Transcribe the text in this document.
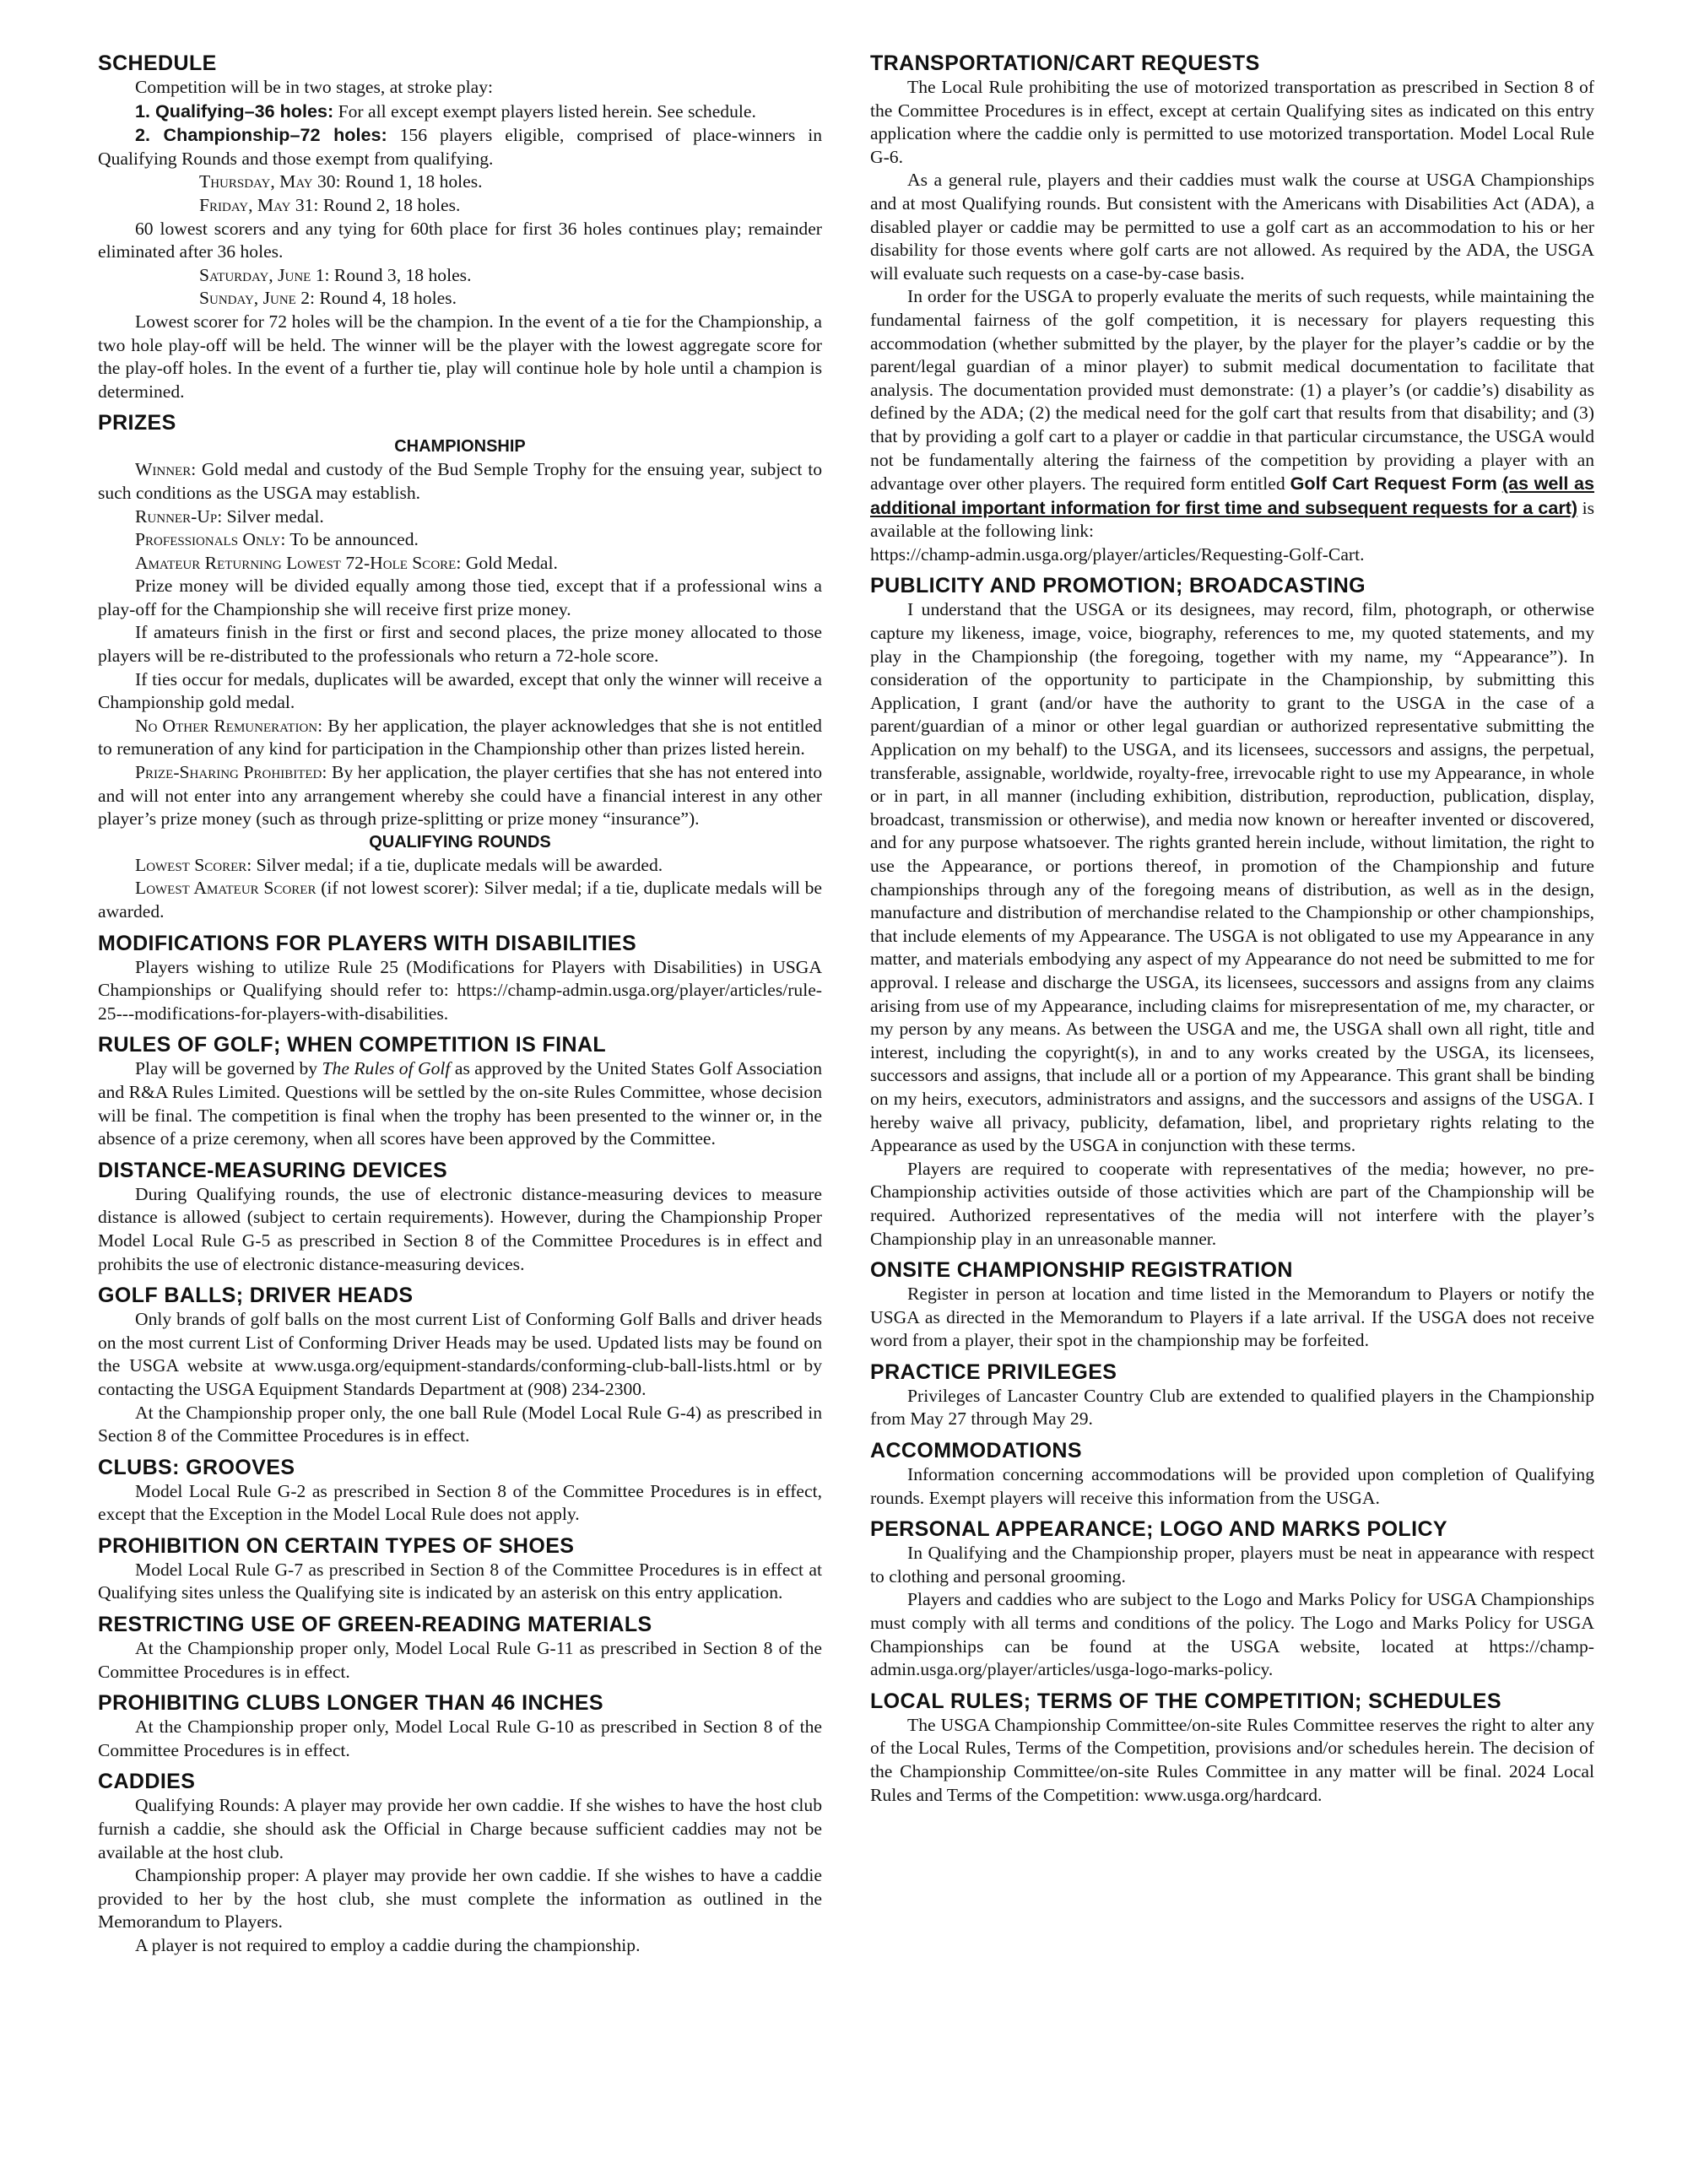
SCHEDULE

Competition will be in two stages, at stroke play:

1. Qualifying–36 holes: For all except exempt players listed herein. See schedule.

2. Championship–72 holes: 156 players eligible, comprised of place-winners in Qualifying Rounds and those exempt from qualifying.

Thursday, May 30: Round 1, 18 holes.

Friday, May 31: Round 2, 18 holes.

60 lowest scorers and any tying for 60th place for first 36 holes continues play; remainder eliminated after 36 holes.

Saturday, June 1: Round 3, 18 holes.

Sunday, June 2: Round 4, 18 holes.

Lowest scorer for 72 holes will be the champion. In the event of a tie for the Championship, a two hole play-off will be held. The winner will be the player with the lowest aggregate score for the play-off holes. In the event of a further tie, play will continue hole by hole until a champion is determined.

PRIZES
CHAMPIONSHIP

Winner: Gold medal and custody of the Bud Semple Trophy for the ensuing year, subject to such conditions as the USGA may establish.

Runner-Up: Silver medal.

Professionals Only: To be announced.

Amateur Returning Lowest 72-Hole Score: Gold Medal.

Prize money will be divided equally among those tied, except that if a professional wins a play-off for the Championship she will receive first prize money.

If amateurs finish in the first or first and second places, the prize money allocated to those players will be re-distributed to the professionals who return a 72-hole score.

If ties occur for medals, duplicates will be awarded, except that only the winner will receive a Championship gold medal.

No Other Remuneration: By her application, the player acknowledges that she is not entitled to remuneration of any kind for participation in the Championship other than prizes listed herein.

Prize-Sharing Prohibited: By her application, the player certifies that she has not entered into and will not enter into any arrangement whereby she could have a financial interest in any other player’s prize money (such as through prize-splitting or prize money “insurance”).

QUALIFYING ROUNDS

Lowest Scorer: Silver medal; if a tie, duplicate medals will be awarded.

Lowest Amateur Scorer (if not lowest scorer): Silver medal; if a tie, duplicate medals will be awarded.

MODIFICATIONS FOR PLAYERS WITH DISABILITIES

Players wishing to utilize Rule 25 (Modifications for Players with Disabilities) in USGA Championships or Qualifying should refer to: https://champ-admin.usga.org/player/articles/rule-25---modifications-for-players-with-disabilities.

RULES OF GOLF; WHEN COMPETITION IS FINAL

Play will be governed by The Rules of Golf as approved by the United States Golf Association and R&A Rules Limited. Questions will be settled by the on-site Rules Committee, whose decision will be final. The competition is final when the trophy has been presented to the winner or, in the absence of a prize ceremony, when all scores have been approved by the Committee.

DISTANCE-MEASURING DEVICES

During Qualifying rounds, the use of electronic distance-measuring devices to measure distance is allowed (subject to certain requirements). However, during the Championship Proper Model Local Rule G-5 as prescribed in Section 8 of the Committee Procedures is in effect and prohibits the use of electronic distance-measuring devices.

GOLF BALLS; DRIVER HEADS

Only brands of golf balls on the most current List of Conforming Golf Balls and driver heads on the most current List of Conforming Driver Heads may be used. Updated lists may be found on the USGA website at www.usga.org/equipment-standards/conforming-club-ball-lists.html or by contacting the USGA Equipment Standards Department at (908) 234-2300.

At the Championship proper only, the one ball Rule (Model Local Rule G-4) as prescribed in Section 8 of the Committee Procedures is in effect.

CLUBS: GROOVES

Model Local Rule G-2 as prescribed in Section 8 of the Committee Procedures is in effect, except that the Exception in the Model Local Rule does not apply.

PROHIBITION ON CERTAIN TYPES OF SHOES

Model Local Rule G-7 as prescribed in Section 8 of the Committee Procedures is in effect at Qualifying sites unless the Qualifying site is indicated by an asterisk on this entry application.

RESTRICTING USE OF GREEN-READING MATERIALS

At the Championship proper only, Model Local Rule G-11 as prescribed in Section 8 of the Committee Procedures is in effect.

PROHIBITING CLUBS LONGER THAN 46 INCHES

At the Championship proper only, Model Local Rule G-10 as prescribed in Section 8 of the Committee Procedures is in effect.

CADDIES

Qualifying Rounds: A player may provide her own caddie. If she wishes to have the host club furnish a caddie, she should ask the Official in Charge because sufficient caddies may not be available at the host club.

Championship proper: A player may provide her own caddie. If she wishes to have a caddie provided to her by the host club, she must complete the information as outlined in the Memorandum to Players.

A player is not required to employ a caddie during the championship.

TRANSPORTATION/CART REQUESTS

The Local Rule prohibiting the use of motorized transportation as prescribed in Section 8 of the Committee Procedures is in effect, except at certain Qualifying sites as indicated on this entry application where the caddie only is permitted to use motorized transportation. Model Local Rule G-6.

As a general rule, players and their caddies must walk the course at USGA Championships and at most Qualifying rounds. But consistent with the Americans with Disabilities Act (ADA), a disabled player or caddie may be permitted to use a golf cart as an accommodation to his or her disability for those events where golf carts are not allowed. As required by the ADA, the USGA will evaluate such requests on a case-by-case basis.

In order for the USGA to properly evaluate the merits of such requests, while maintaining the fundamental fairness of the golf competition, it is necessary for players requesting this accommodation (whether submitted by the player, by the player for the player’s caddie or by the parent/legal guardian of a minor player) to submit medical documentation to facilitate that analysis. The documentation provided must demonstrate: (1) a player’s (or caddie’s) disability as defined by the ADA; (2) the medical need for the golf cart that results from that disability; and (3) that by providing a golf cart to a player or caddie in that particular circumstance, the USGA would not be fundamentally altering the fairness of the competition by providing a player with an advantage over other players. The required form entitled Golf Cart Request Form (as well as additional important information for first time and subsequent requests for a cart) is available at the following link:

https://champ-admin.usga.org/player/articles/Requesting-Golf-Cart.

PUBLICITY AND PROMOTION; BROADCASTING

I understand that the USGA or its designees, may record, film, photograph, or otherwise capture my likeness, image, voice, biography, references to me, my quoted statements, and my play in the Championship (the foregoing, together with my name, my “Appearance”). In consideration of the opportunity to participate in the Championship, by submitting this Application, I grant (and/or have the authority to grant to the USGA in the case of a parent/guardian of a minor or other legal guardian or authorized representative submitting the Application on my behalf) to the USGA, and its licensees, successors and assigns, the perpetual, transferable, assignable, worldwide, royalty-free, irrevocable right to use my Appearance, in whole or in part, in all manner (including exhibition, distribution, reproduction, publication, display, broadcast, transmission or otherwise), and media now known or hereafter invented or discovered, and for any purpose whatsoever. The rights granted herein include, without limitation, the right to use the Appearance, or portions thereof, in promotion of the Championship and future championships through any of the foregoing means of distribution, as well as in the design, manufacture and distribution of merchandise related to the Championship or other championships, that include elements of my Appearance. The USGA is not obligated to use my Appearance in any matter, and materials embodying any aspect of my Appearance do not need be submitted to me for approval. I release and discharge the USGA, its licensees, successors and assigns from any claims arising from use of my Appearance, including claims for misrepresentation of me, my character, or my person by any means. As between the USGA and me, the USGA shall own all right, title and interest, including the copyright(s), in and to any works created by the USGA, its licensees, successors and assigns, that include all or a portion of my Appearance. This grant shall be binding on my heirs, executors, administrators and assigns, and the successors and assigns of the USGA. I hereby waive all privacy, publicity, defamation, libel, and proprietary rights relating to the Appearance as used by the USGA in conjunction with these terms.

Players are required to cooperate with representatives of the media; however, no pre-Championship activities outside of those activities which are part of the Championship will be required. Authorized representatives of the media will not interfere with the player’s Championship play in an unreasonable manner.

ONSITE CHAMPIONSHIP REGISTRATION

Register in person at location and time listed in the Memorandum to Players or notify the USGA as directed in the Memorandum to Players if a late arrival. If the USGA does not receive word from a player, their spot in the championship may be forfeited.

PRACTICE PRIVILEGES

Privileges of Lancaster Country Club are extended to qualified players in the Championship from May 27 through May 29.

ACCOMMODATIONS

Information concerning accommodations will be provided upon completion of Qualifying rounds. Exempt players will receive this information from the USGA.

PERSONAL APPEARANCE; LOGO AND MARKS POLICY

In Qualifying and the Championship proper, players must be neat in appearance with respect to clothing and personal grooming.

Players and caddies who are subject to the Logo and Marks Policy for USGA Championships must comply with all terms and conditions of the policy. The Logo and Marks Policy for USGA Championships can be found at the USGA website, located at https://champ-admin.usga.org/player/articles/usga-logo-marks-policy.

LOCAL RULES; TERMS OF THE COMPETITION; SCHEDULES

The USGA Championship Committee/on-site Rules Committee reserves the right to alter any of the Local Rules, Terms of the Competition, provisions and/or schedules herein. The decision of the Championship Committee/on-site Rules Committee in any matter will be final. 2024 Local Rules and Terms of the Competition: www.usga.org/hardcard.
